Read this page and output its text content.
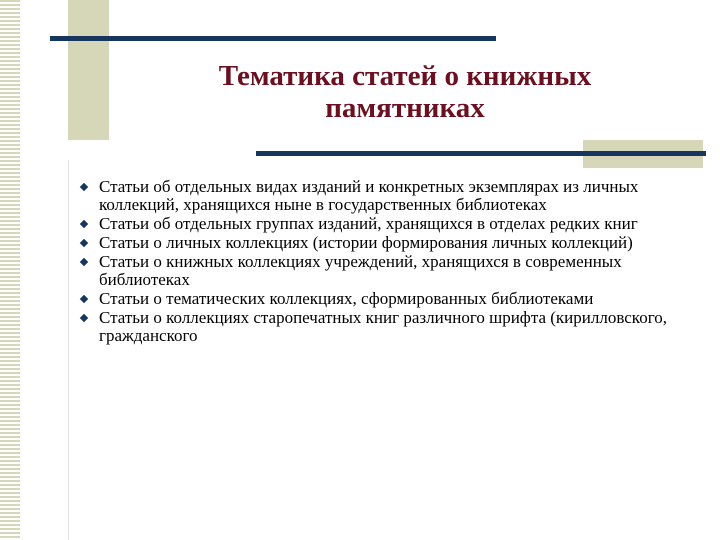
Тематика статей о книжных
памятниках
Статьи об отдельных видах изданий и конкретных экземплярах из личных коллекций, хранящихся ныне в государственных библиотеках
Статьи об отдельных группах изданий, хранящихся в отделах редких книг
Статьи о личных коллекциях (истории формирования личных коллекций)
Статьи о книжных коллекциях учреждений, хранящихся в современных библиотеках
Статьи о тематических коллекциях, сформированных библиотеками
Статьи о коллекциях старопечатных книг различного шрифта (кирилловского, гражданского
